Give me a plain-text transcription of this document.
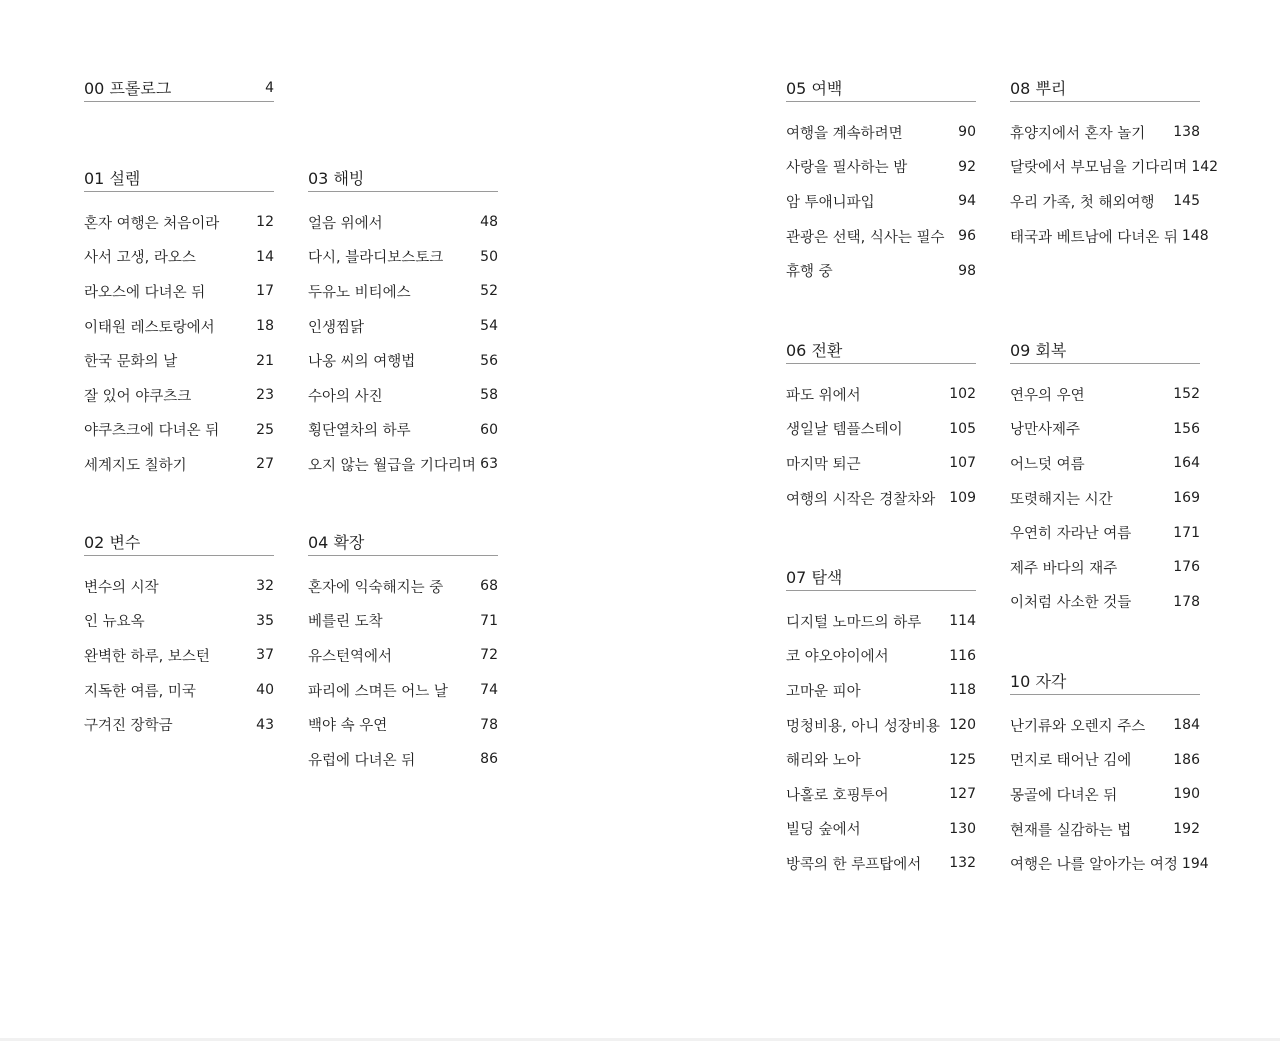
00 프롤로그	4
01 설렘
혼자 여행은 처음이라	12
사서 고생, 라오스	14
라오스에 다녀온 뒤	17
이태원 레스토랑에서	18
한국 문화의 날	21
잘 있어 야쿠츠크	23
야쿠츠크에 다녀온 뒤	25
세계지도 칠하기	27
02 변수
변수의 시작	32
인 뉴요옥	35
완벽한 하루, 보스턴	37
지독한 여름, 미국	40
구겨진 장학금	43
03 해빙
얼음 위에서	48
다시, 블라디보스토크	50
두유노 비티에스	52
인생찜닭	54
나옹 씨의 여행법	56
수아의 사진	58
횡단열차의 하루	60
오지 않는 월급을 기다리며 63
04 확장
혼자에 익숙해지는 중	68
베를린 도착	71
유스턴역에서	72
파리에 스며든 어느 날 74
백야 속 우연	78
유럽에 다녀온 뒤	86
05 여백
여행을 계속하려면	90
사랑을 필사하는 밤	92
암 투애니파입	94
관광은 선택, 식사는 필수 96
휴행 중	98
06 전환
파도 위에서	102
생일날 템플스테이	105
마지막 퇴근	107
여행의 시작은 경찰차와 109
07 탐색
디지털 노마드의 하루 114
코 야오야이에서	116
고마운 피아	118
멍청비용, 아니 성장비용 120
해리와 노아	125
나홀로 호핑투어	127
빌딩 숲에서	130
방콕의 한 루프탑에서 132
08 뿌리
휴양지에서 혼자 놀기 138
달랏에서 부모님을 기다리며 142
우리 가족, 첫 해외여행 145
태국과 베트남에 다녀온 뒤 148
09 회복
연우의 우연	152
낭만사제주	156
어느덧 여름	164
또렷해지는 시간	169
우연히 자라난 여름	171
제주 바다의 재주	176
이처럼 사소한 것들	178
10 자각
난기류와 오렌지 주스 184
먼지로 태어난 김에	186
몽골에 다녀온 뒤	190
현재를 실감하는 법	192
여행은 나를 알아가는 여정 194
